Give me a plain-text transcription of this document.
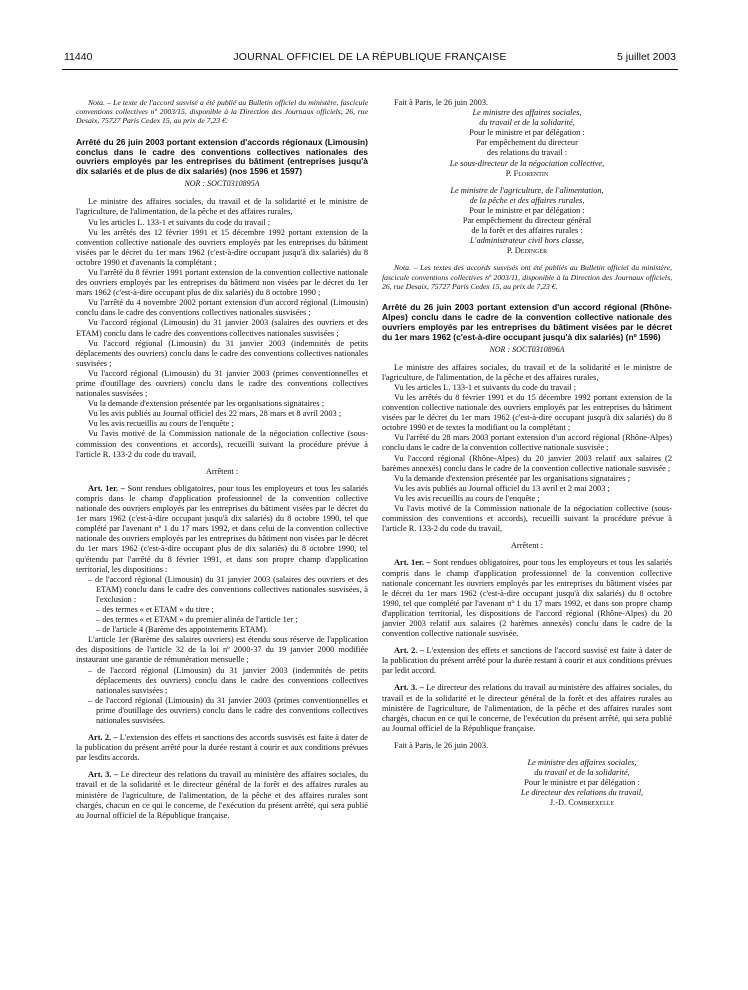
11440	JOURNAL OFFICIEL DE LA RÉPUBLIQUE FRANÇAISE	5 juillet 2003

Nota. – Le texte de l'accord susvisé a été publié au Bulletin officiel du ministère, fascicule conventions collectives nº 2003/15, disponible à la Direction des Journaux officiels, 26, rue Desaix, 75727 Paris Cedex 15, au prix de 7,23 €.

Arrêté du 26 juin 2003 portant extension d'accords régionaux (Limousin) conclus dans le cadre des conventions collectives nationales des ouvriers employés par les entreprises du bâtiment (entreprises jusqu'à dix salariés et de plus de dix salariés) (nos 1596 et 1597)

NOR : SOCT0310895A

Le ministre des affaires sociales, du travail et de la solidarité et le ministre de l'agriculture, de l'alimentation, de la pêche et des affaires rurales,

Vu les articles L. 133-1 et suivants du code du travail ;

Vu les arrêtés des 12 février 1991 et 15 décembre 1992 portant extension de la convention collective nationale des ouvriers employés par les entreprises du bâtiment visées par le décret du 1er mars 1962 (c'est-à-dire occupant jusqu'à dix salariés) du 8 octobre 1990 et d'avenants la complétant ;

Vu l'arrêté du 8 février 1991 portant extension de la convention collective nationale des ouvriers employés par les entreprises du bâtiment non visées par le décret du 1er mars 1962 (c'est-à-dire occupant plus de dix salariés) du 8 octobre 1990 ;

Vu l'arrêté du 4 novembre 2002 portant extension d'un accord régional (Limousin) conclu dans le cadre des conventions collectives nationales susvisées ;

Vu l'accord régional (Limousin) du 31 janvier 2003 (salaires des ouvriers et des ETAM) conclu dans le cadre des conventions collectives nationales susvisées ;

Vu l'accord régional (Limousin) du 31 janvier 2003 (indemnités de petits déplacements des ouvriers) conclu dans le cadre des conventions collectives nationales susvisées ;

Vu l'accord régional (Limousin) du 31 janvier 2003 (primes conventionnelles et prime d'outillage des ouvriers) conclu dans le cadre des conventions collectives nationales susvisées ;

Vu la demande d'extension présentée par les organisations signataires ;

Vu les avis publiés au Journal officiel des 22 mars, 28 mars et 8 avril 2003 ;

Vu les avis recueillis au cours de l'enquête ;

Vu l'avis motivé de la Commission nationale de la négociation collective (sous-commission des conventions et accords), recueilli suivant la procédure prévue à l'article R. 133-2 du code du travail,

Arrêtent :

Art. 1er. – Sont rendues obligatoires, pour tous les employeurs et tous les salariés compris dans le champ d'application professionnel de la convention collective nationale des ouvriers employés par les entreprises du bâtiment visées par le décret du 1er mars 1962 (c'est-à-dire occupant jusqu'à dix salariés) du 8 octobre 1990, tel que complété par l'avenant nº 1 du 17 mars 1992, et dans celui de la convention collective nationale des ouvriers employés par les entreprises du bâtiment non visées par le décret du 1er mars 1962 (c'est-à-dire occupant plus de dix salariés) du 8 octobre 1990, tel qu'étendu par l'arrêté du 8 février 1991, et dans son propre champ d'application territorial, les dispositions :

– de l'accord régional (Limousin) du 31 janvier 2003 (salaires des ouvriers et des ETAM) conclu dans le cadre des conventions collectives nationales susvisées, à l'exclusion :

– des termes « et ETAM » du titre ;

– des termes « et ETAM » du premier alinéa de l'article 1er ;

– de l'article 4 (Barème des appointements ETAM).

L'article 1er (Barème des salaires ouvriers) est étendu sous réserve de l'application des dispositions de l'article 32 de la loi nº 2000-37 du 19 janvier 2000 modifiée instaurant une garantie de rémunération mensuelle ;

– de l'accord régional (Limousin) du 31 janvier 2003 (indemnités de petits déplacements des ouvriers) conclu dans le cadre des conventions collectives nationales susvisées ;

– de l'accord régional (Limousin) du 31 janvier 2003 (primes conventionnelles et prime d'outillage des ouvriers) conclu dans le cadre des conventions collectives nationales susvisées.

Art. 2. – L'extension des effets et sanctions des accords susvisés est faite à dater de la publication du présent arrêté pour la durée restant à courir et aux conditions prévues par lesdits accords.

Art. 3. – Le directeur des relations du travail au ministère des affaires sociales, du travail et de la solidarité et le directeur général de la forêt et des affaires rurales au ministère de l'agriculture, de l'alimentation, de la pêche et des affaires rurales sont chargés, chacun en ce qui le concerne, de l'exécution du présent arrêté, qui sera publié au Journal officiel de la République française.

Fait à Paris, le 26 juin 2003.

Le ministre des affaires sociales,
du travail et de la solidarité,
Pour le ministre et par délégation :
Par empêchement du directeur
des relations du travail :
Le sous-directeur de la négociation collective,
P. Florentin
Le ministre de l'agriculture, de l'alimentation,
de la pêche et des affaires rurales,
Pour le ministre et par délégation :
Par empêchement du directeur général
de la forêt et des affaires rurales :
L'administrateur civil hors classe,
P. Dedinger

Nota. – Les textes des accords susvisés ont été publiés au Bulletin officiel du ministère, fascicule conventions collectives nº 2003/11, disponible à la Direction des Journaux officiels, 26, rue Desaix, 75727 Paris Cedex 15, au prix de 7,23 €.

Arrêté du 26 juin 2003 portant extension d'un accord régional (Rhône-Alpes) conclu dans le cadre de la convention collective nationale des ouvriers employés par les entreprises du bâtiment visées par le décret du 1er mars 1962 (c'est-à-dire occupant jusqu'à dix salariés) (nº 1596)

NOR : SOCT0310896A

Le ministre des affaires sociales, du travail et de la solidarité et le ministre de l'agriculture, de l'alimentation, de la pêche et des affaires rurales,

Vu les articles L. 133-1 et suivants du code du travail ;

Vu les arrêtés du 8 février 1991 et du 15 décembre 1992 portant extension de la convention collective nationale des ouvriers employés par les entreprises du bâtiment visées par le décret du 1er mars 1962 (c'est-à-dire occupant jusqu'à dix salariés) du 8 octobre 1990 et de textes la modifiant ou la complétant ;

Vu l'arrêté du 28 mars 2003 portant extension d'un accord régional (Rhône-Alpes) conclu dans le cadre de la convention collective nationale susvisée ;

Vu l'accord régional (Rhône-Alpes) du 20 janvier 2003 relatif aux salaires (2 barèmes annexés) conclu dans le cadre de la convention collective nationale susvisée ;

Vu la demande d'extension présentée par les organisations signataires ;

Vu les avis publiés au Journal officiel du 13 avril et 2 mai 2003 ;

Vu les avis recueillis au cours de l'enquête ;

Vu l'avis motivé de la Commission nationale de la négociation collective (sous-commission des conventions et accords), recueilli suivant la procédure prévue à l'article R. 133-2 du code du travail,

Arrêtent :

Art. 1er. – Sont rendues obligatoires, pour tous les employeurs et tous les salariés compris dans le champ d'application professionnel de la convention collective nationale concernant les ouvriers employés par les entreprises du bâtiment visées par le décret du 1er mars 1962 (c'est-à-dire occupant jusqu'à dix salariés) du 8 octobre 1990, tel que complété par l'avenant nº 1 du 17 mars 1992, et dans son propre champ d'application territorial, les dispositions de l'accord régional (Rhône-Alpes) du 20 janvier 2003 relatif aux salaires (2 barèmes annexés) conclu dans le cadre de la convention collective nationale susvisée.

Art. 2. – L'extension des effets et sanctions de l'accord susvisé est faite à dater de la publication du présent arrêté pour la durée restant à courir et aux conditions prévues par ledit accord.

Art. 3. – Le directeur des relations du travail au ministère des affaires sociales, du travail et de la solidarité et le directeur général de la forêt et des affaires rurales au ministère de l'agriculture, de l'alimentation, de la pêche et des affaires rurales sont chargés, chacun en ce qui le concerne, de l'exécution du présent arrêté, qui sera publié au Journal officiel de la République française.

Fait à Paris, le 26 juin 2003.

Le ministre des affaires sociales,
du travail et de la solidarité,
Pour le ministre et par délégation :
Le directeur des relations du travail,
J.-D. Combrexelle
